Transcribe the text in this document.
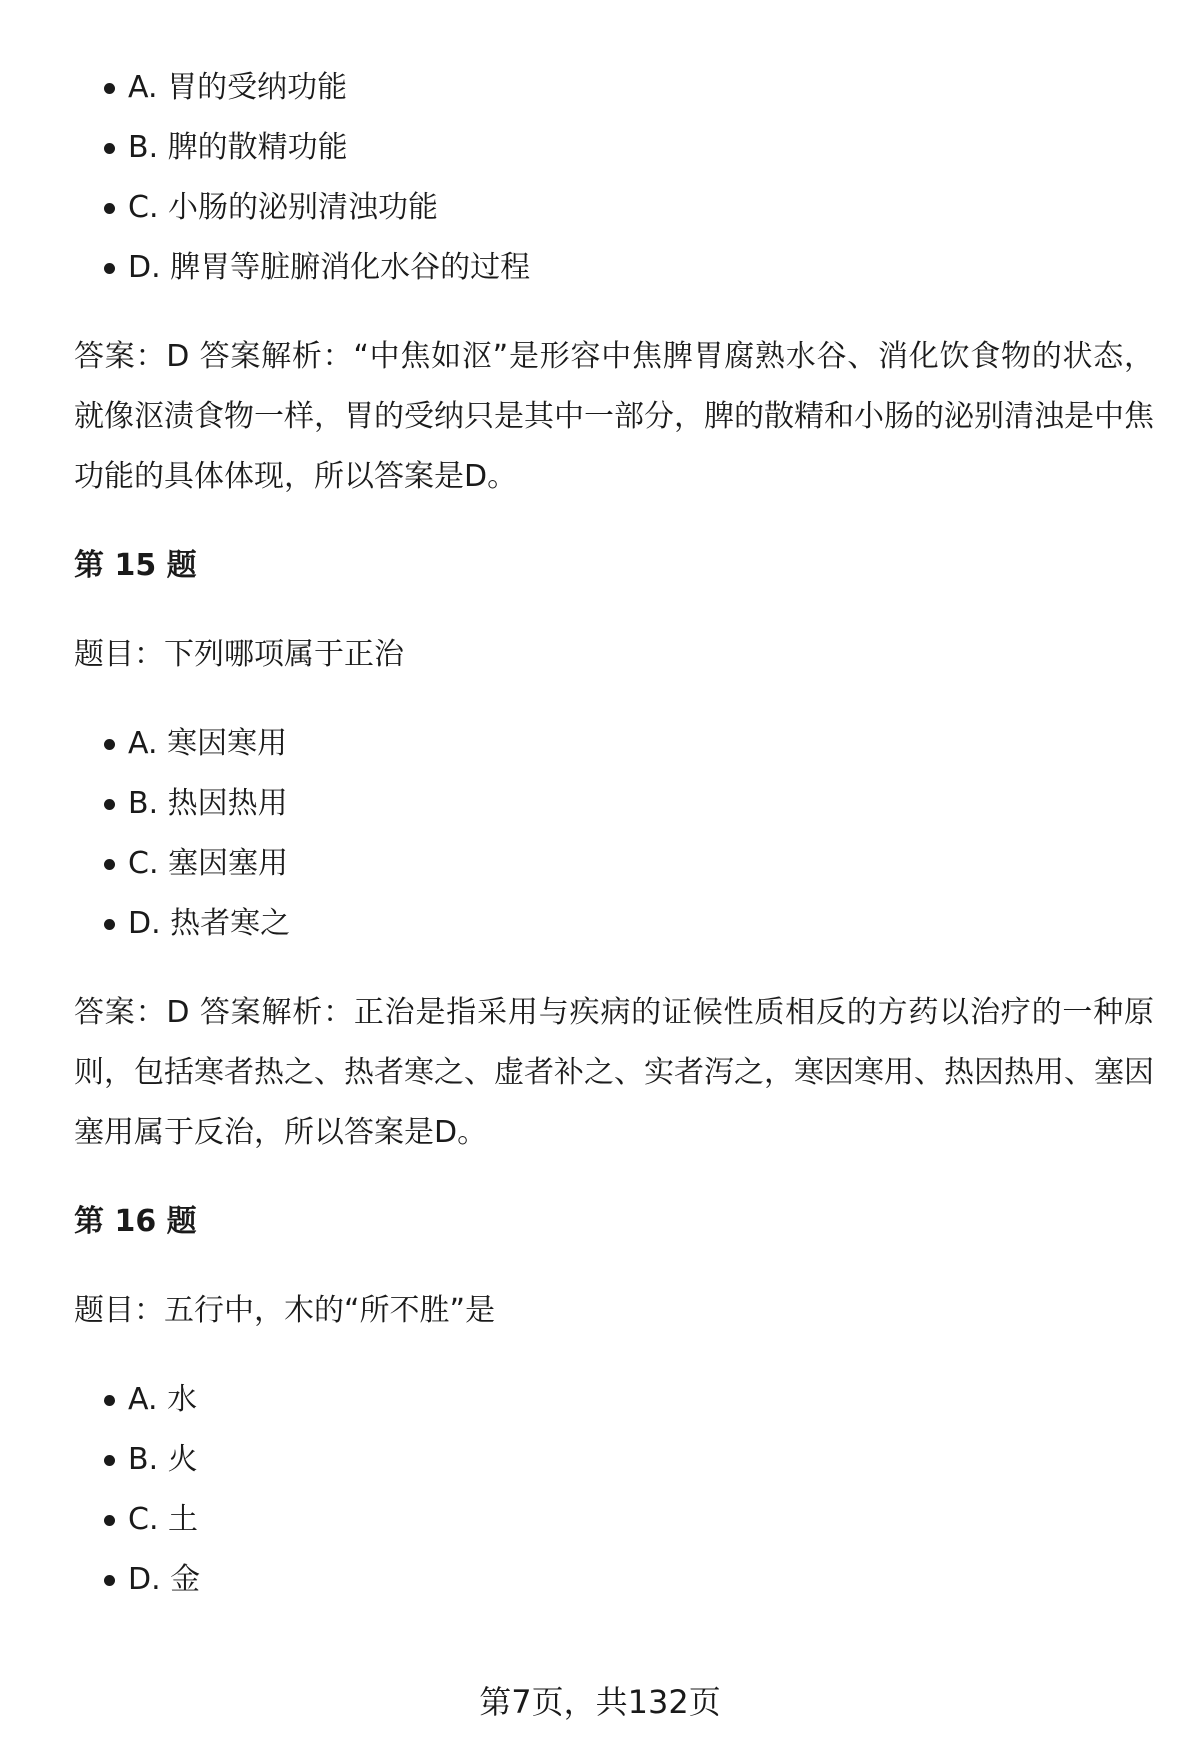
A. 胃的受纳功能
B. 脾的散精功能
C. 小肠的泌别清浊功能
D. 脾胃等脏腑消化水谷的过程

答案：D 答案解析：“中焦如沤”是形容中焦脾胃腐熟水谷、消化饮食物的状态，就像沤渍食物一样，胃的受纳只是其中一部分，脾的散精和小肠的泌别清浊是中焦功能的具体体现，所以答案是D。

第 15 题

题目：下列哪项属于正治

A. 寒因寒用
B. 热因热用
C. 塞因塞用
D. 热者寒之

答案：D 答案解析：正治是指采用与疾病的证候性质相反的方药以治疗的一种原则，包括寒者热之、热者寒之、虚者补之、实者泻之，寒因寒用、热因热用、塞因塞用属于反治，所以答案是D。

第 16 题

题目：五行中，木的“所不胜”是

A. 水
B. 火
C. 土
D. 金
第7页，共132页
